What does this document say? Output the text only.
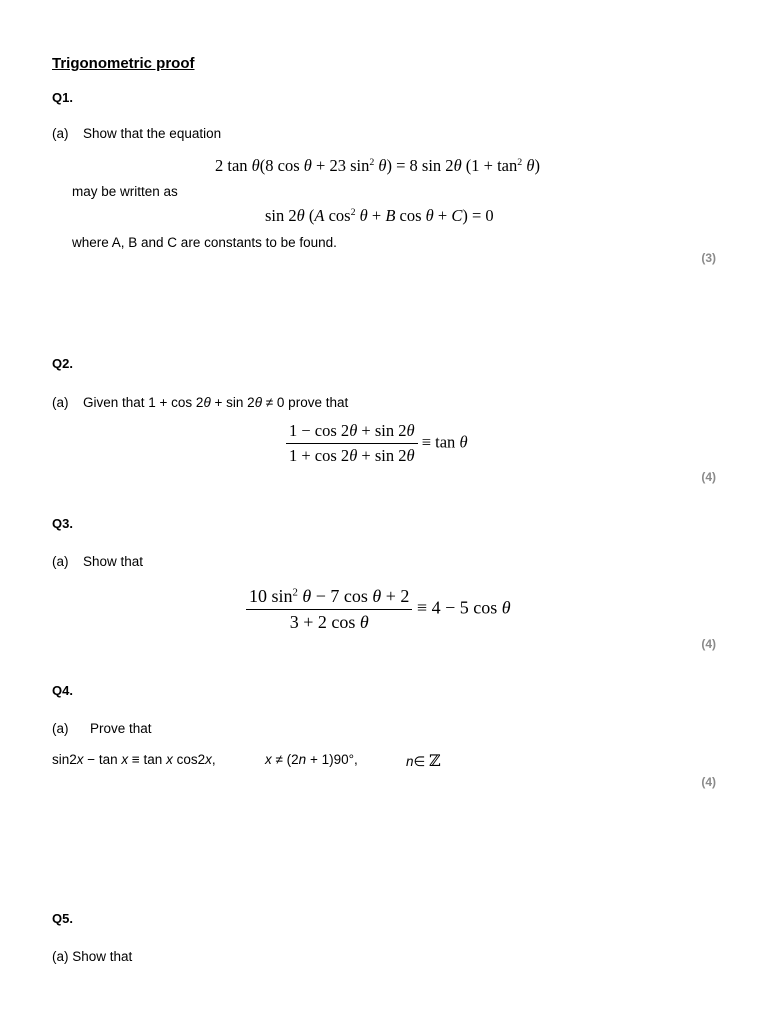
Trigonometric proof
Q1.
(a) Show that the equation
2 tan θ(8 cos θ + 23 $\sin^2 \theta) = 8$ sin 2θ $(1 + \tan^2 \theta)$
may be written as
sin 2θ (A $\cos^2 \theta + B$ cos θ + C) = 0
where A, B and C are constants to be found.
(3)
Q2.
(a) Given that 1 + cos 2θ + sin 2θ ≠ 0 prove that
$\frac{1 - \cos 2\theta + \sin 2\theta}{1 + \cos 2\theta + \sin 2\theta} \equiv \tan \theta$
(4)
Q3.
(a) Show that
$\frac{10 \sin^2 \theta - 7 \cos \theta + 2}{\text{3 + 2 cos θ}} \equiv 4 - 5$ cos θ
(4)
Q4.
(a) Prove that
sin2x − tan x ≡ tan x cos2x,	x ≠ (2n + 1)90°,	n∈ ℤ
(4)
Q5.
(a) Show that
